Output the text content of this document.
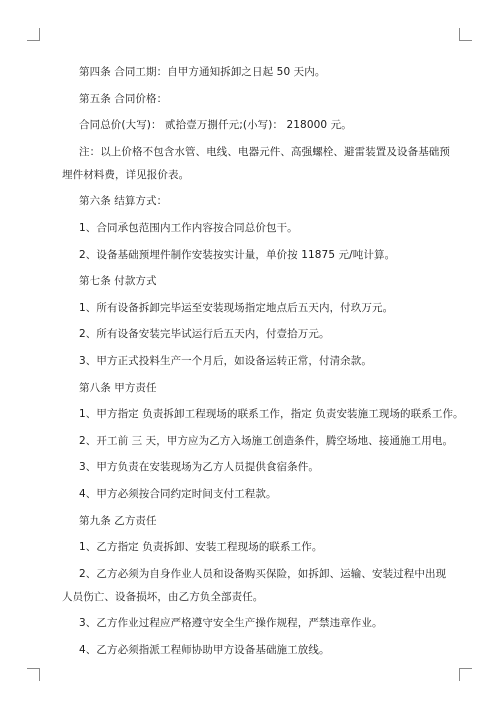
第四条 合同工期：自甲方通知拆卸之日起 50 天内。
第五条 合同价格：
合同总价(大写)： 贰拾壹万捌仟元;(小写)： 218000 元。
注：以上价格不包含水管、电线、电器元件、高强螺栓、避雷装置及设备基础预
埋件材料费，详见报价表。
第六条 结算方式：
1、合同承包范围内工作内容按合同总价包干。
2、设备基础预埋件制作安装按实计量，单价按 11875 元/吨计算。
第七条 付款方式
1、所有设备拆卸完毕运至安装现场指定地点后五天内，付玖万元。
2、所有设备安装完毕试运行后五天内，付壹拾万元。
3、甲方正式投料生产一个月后，如设备运转正常，付清余款。
第八条 甲方责任
1、甲方指定 负责拆卸工程现场的联系工作，指定 负责安装施工现场的联系工作。
2、开工前 三 天，甲方应为乙方入场施工创造条件，腾空场地、接通施工用电。
3、甲方负责在安装现场为乙方人员提供食宿条件。
4、甲方必须按合同约定时间支付工程款。
第九条 乙方责任
1、乙方指定 负责拆卸、安装工程现场的联系工作。
2、乙方必须为自身作业人员和设备购买保险，如拆卸、运输、安装过程中出现
人员伤亡、设备损坏，由乙方负全部责任。
3、乙方作业过程应严格遵守安全生产操作规程，严禁违章作业。
4、乙方必须指派工程师协助甲方设备基础施工放线。
